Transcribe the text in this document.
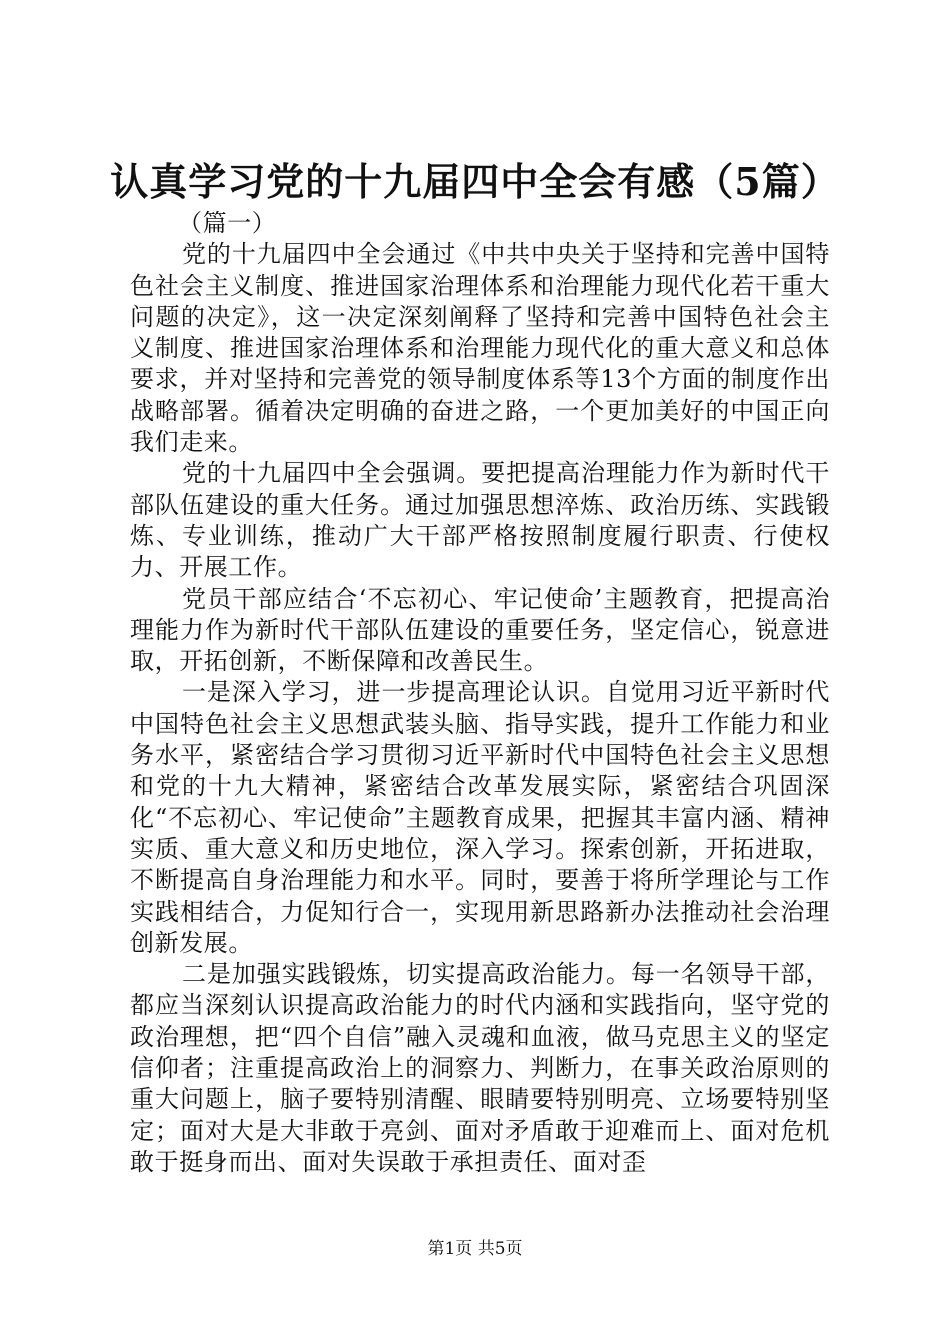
认真学习党的十九届四中全会有感（5篇）

（篇一）

党的十九届四中全会通过《中共中央关于坚持和完善中国特色社会主义制度、推进国家治理体系和治理能力现代化若干重大问题的决定》，这一决定深刻阐释了坚持和完善中国特色社会主义制度、推进国家治理体系和治理能力现代化的重大意义和总体要求，并对坚持和完善党的领导制度体系等13个方面的制度作出战略部署。循着决定明确的奋进之路，一个更加美好的中国正向我们走来。

党的十九届四中全会强调。要把提高治理能力作为新时代干部队伍建设的重大任务。通过加强思想淬炼、政治历练、实践锻炼、专业训练，推动广大干部严格按照制度履行职责、行使权力、开展工作。

党员干部应结合‘不忘初心、牢记使命’主题教育，把提高治理能力作为新时代干部队伍建设的重要任务，坚定信心，锐意进取，开拓创新，不断保障和改善民生。

一是深入学习，进一步提高理论认识。自觉用习近平新时代中国特色社会主义思想武装头脑、指导实践，提升工作能力和业务水平，紧密结合学习贯彻习近平新时代中国特色社会主义思想和党的十九大精神，紧密结合改革发展实际，紧密结合巩固深化“不忘初心、牢记使命”主题教育成果，把握其丰富内涵、精神实质、重大意义和历史地位，深入学习。探索创新，开拓进取，不断提高自身治理能力和水平。同时，要善于将所学理论与工作实践相结合，力促知行合一，实现用新思路新办法推动社会治理创新发展。

二是加强实践锻炼，切实提高政治能力。每一名领导干部，都应当深刻认识提高政治能力的时代内涵和实践指向，坚守党的政治理想，把“四个自信”融入灵魂和血液，做马克思主义的坚定信仰者；注重提高政治上的洞察力、判断力，在事关政治原则的重大问题上，脑子要特别清醒、眼睛要特别明亮、立场要特别坚定；面对大是大非敢于亮剑、面对矛盾敢于迎难而上、面对危机敢于挺身而出、面对失误敢于承担责任、面对歪

第1页 共5页
